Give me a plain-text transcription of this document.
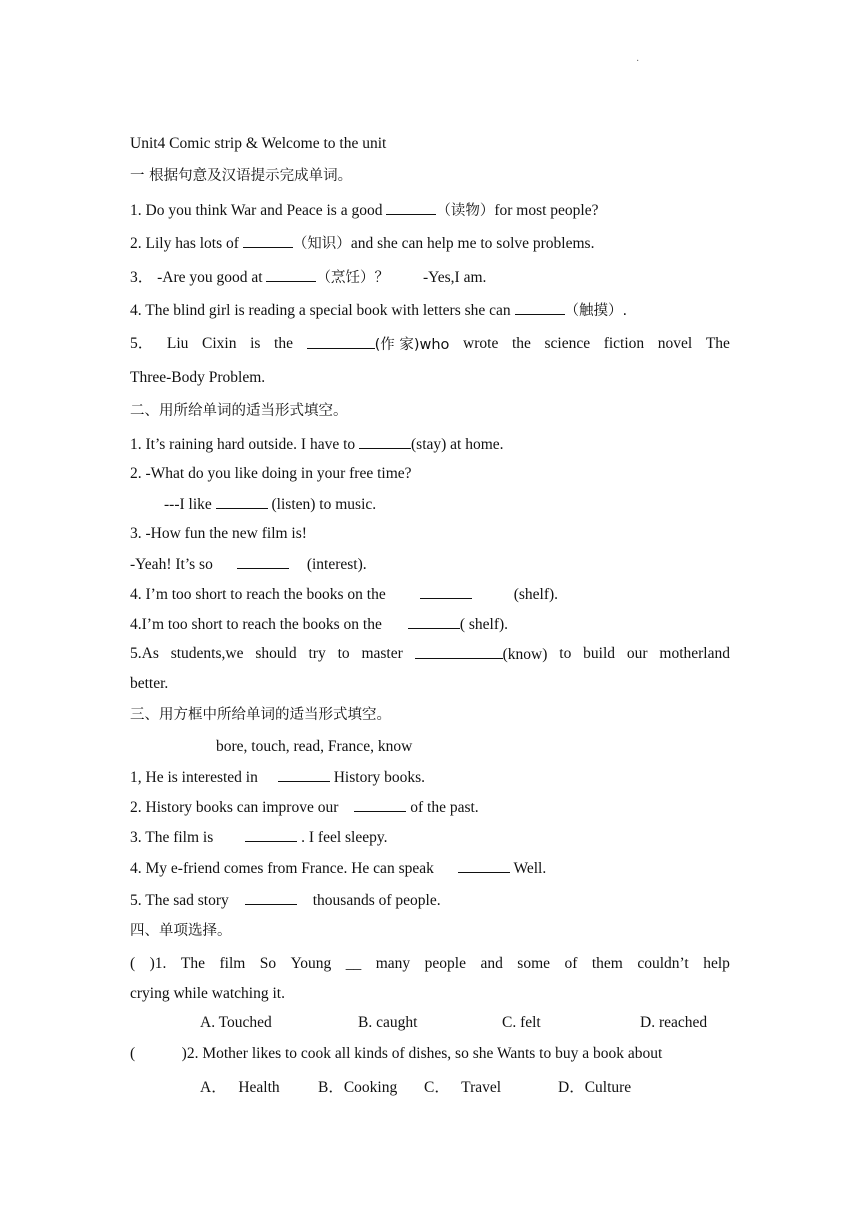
·
Unit4 Comic strip & Welcome to the unit
一 根据句意及汉语提示完成单词。
1. Do you think War and Peace is a good	（读物）for most people?
2. Lily has lots of	（知识）and she can help me to solve problems.
3． -Are you good at	（烹饪）？ -Yes,I am.
4. The blind girl is reading a special book with letters she can	（触摸）.
5． Liu Cixin is the	(作 家)who wrote the science fiction novel The
Three-Body Problem.
二、用所给单词的适当形式填空。
1. It’s raining hard outside. I have to	(stay) at home.
2. -What do you like doing in your free time?
---I like	(listen) to music.
3. -How fun the new film is!
-Yeah! It’s so	(interest).
4. I’m too short to reach the books on the	(shelf).
4.I’m too short to reach the books on the	( shelf).
5.As students,we should try to master	(know) to build our motherland
better.
三、用方框中所给单词的适当形式填空。
bore, touch, read, France, know
1, He is interested in	History books.
2. History books can improve our	of the past.
3. The film is	. I feel sleepy.
4. My e-friend comes from France. He can speak	Well.
5. The sad story	thousands of people.
四、单项选择。
( )1. The film So Young __ many people and some of them couldn’t help
crying while watching it.
A. Touched	B. caught	C. felt	D. reached
(            )2. Mother likes to cook all kinds of dishes, so she Wants to buy a book about
A．   Health B．Cooking C．   Travel	D．Culture
